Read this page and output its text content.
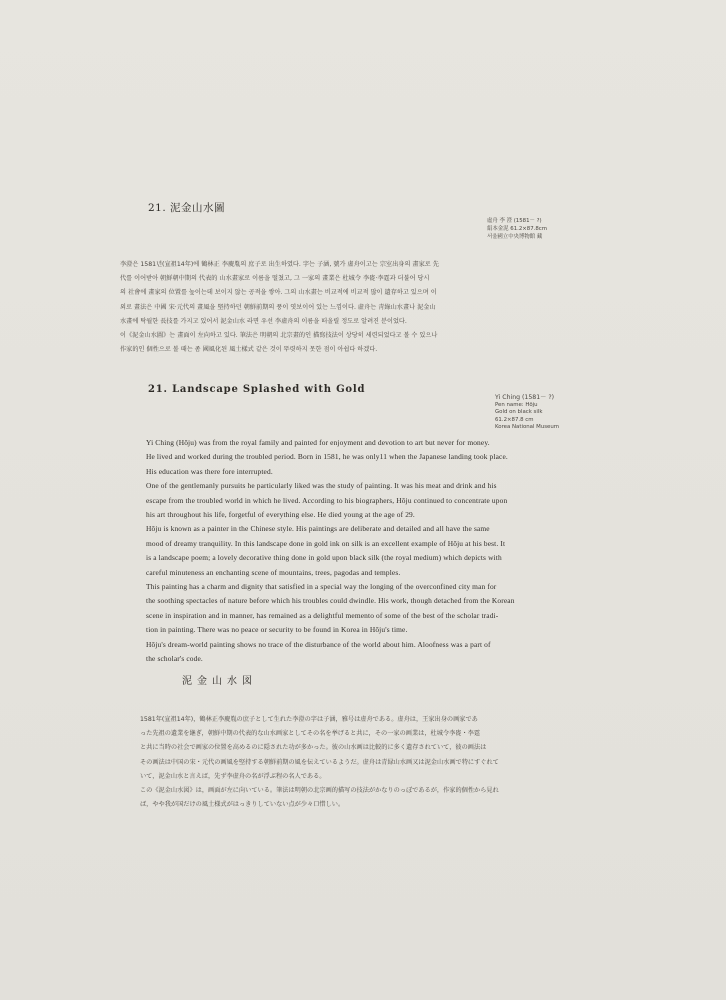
21. 泥金山水圖
虛舟 李 澄 (1581－ ?)
絹本金泥 61.2×87.8cm
서울國立中央博物館 藏

李澄은 1581년(宣祖14年)에 鶴林正 李慶胤의 庶子로 出生하였다. 字는 子涵, 號가 虛舟이고는 宗室出身의 畫家로 先

代를 이어받아 朝鮮朝中期의 代表的 山水畫家로 이름을 떨쳤고, 그 一家의 畫業은 杜城令 李嵸·李霆과 더불어 당시

의 社會에 畫家의 位置를 높이는데 보이지 않는 공적을 쌓아. 그의 山水畫는 비교적에 비교적 많이 遺存하고 있으며 이

외로 畫法은 中國 宋·元代의 畫風을 堅持하던 朝鮮前期의 풍이 엿보이어 있는 느낌이다. 虛舟는 靑綠山水畫나 泥金山

水畫에 탁월한 長技를 가지고 있어서 泥金山水 라면 우선 李虛舟의 이름을 떠올릴 정도로 알려진 분이었다.

이《泥金山水圖》는 畫面이 左向하고 있다. 筆法은 明朝의 北宗畫的인 描寫技法이 상당히 세련되었다고 볼 수 있으나

作家的인 個性으로 볼 때는 좀 國風化된 風土樣式 같은 것이 뚜렷하지 못한 점이 아쉽다 하겠다.

21. Landscape Splashed with Gold
Yi Ching (1581－ ?)
Pen name: Hōju
Gold on black silk
61.2×87.8 cm
Korea National Museum

Yi Ching (Hōju) was from the royal family and painted for enjoyment and devotion to art but never for money.

He lived and worked during the troubled period. Born in 1581, he was only11 when the Japanese landing took place.

His education was there fore interrupted.

One of the gentlemanly pursuits he particularly liked was the study of painting. It was his meat and drink and his

escape from the troubled world in which he lived. According to his biographers, Hōju continued to concentrate upon

his art throughout his life, forgetful of everything else. He died young at the age of 29.

Hōju is known as a painter in the Chinese style. His paintings are deliberate and detailed and all have the same

mood of dreamy tranquility. In this landscape done in gold ink on silk is an excellent example of Hōju at his best. It

is a landscape poem; a lovely decorative thing done in gold upon black silk (the royal medium) which depicts with

careful minuteness an enchanting scene of mountains, trees, pagodas and temples.

This painting has a charm and dignity that satisfied in a special way the longing of the overconfined city man for

the soothing spectacles of nature before which his troubles could dwindle. His work, though detached from the Korean

scene in inspiration and in manner, has remained as a delightful memento of some of the best of the scholar tradi-

tion in painting. There was no peace or security to be found in Korea in Hōju's time.

Hōju's dream-world painting shows no trace of the disturbance of the world about him. Aloofness was a part of

the scholar's code.

泥金山水図

1581年(宣祖14年)，鶴林正李慶胤の庶子として生れた李澄の字は子涵，雅号は虚舟である。虚舟は，王家出身の画家であ

った先祖の遺業を継ぎ，朝鮮中期の代表的な山水画家としてその名を挙げると共に，その一家の画業は，杜城令李嵸・李霆

と共に当時の社会で画家の位置を高めるのに隠された功が多かった。彼の山水画は比較的に多く遺存されていて，彼の画法は

その画法は中国の宋・元代の画風を堅持する朝鮮前期の風を伝えているようだ。虚舟は青緑山水画又は泥金山水画で特にすぐれて

いて，泥金山水と言えば，先ず李虚舟の名が浮ぶ程の名人である。

この《泥金山水図》は，画面が左に向いている。筆法は明朝の北宗画的描写の技法がかなりのっぽであるが，作家的個性から見れ

ば，やや我が国だけの風土様式がはっきりしていない点が少々口惜しい。
